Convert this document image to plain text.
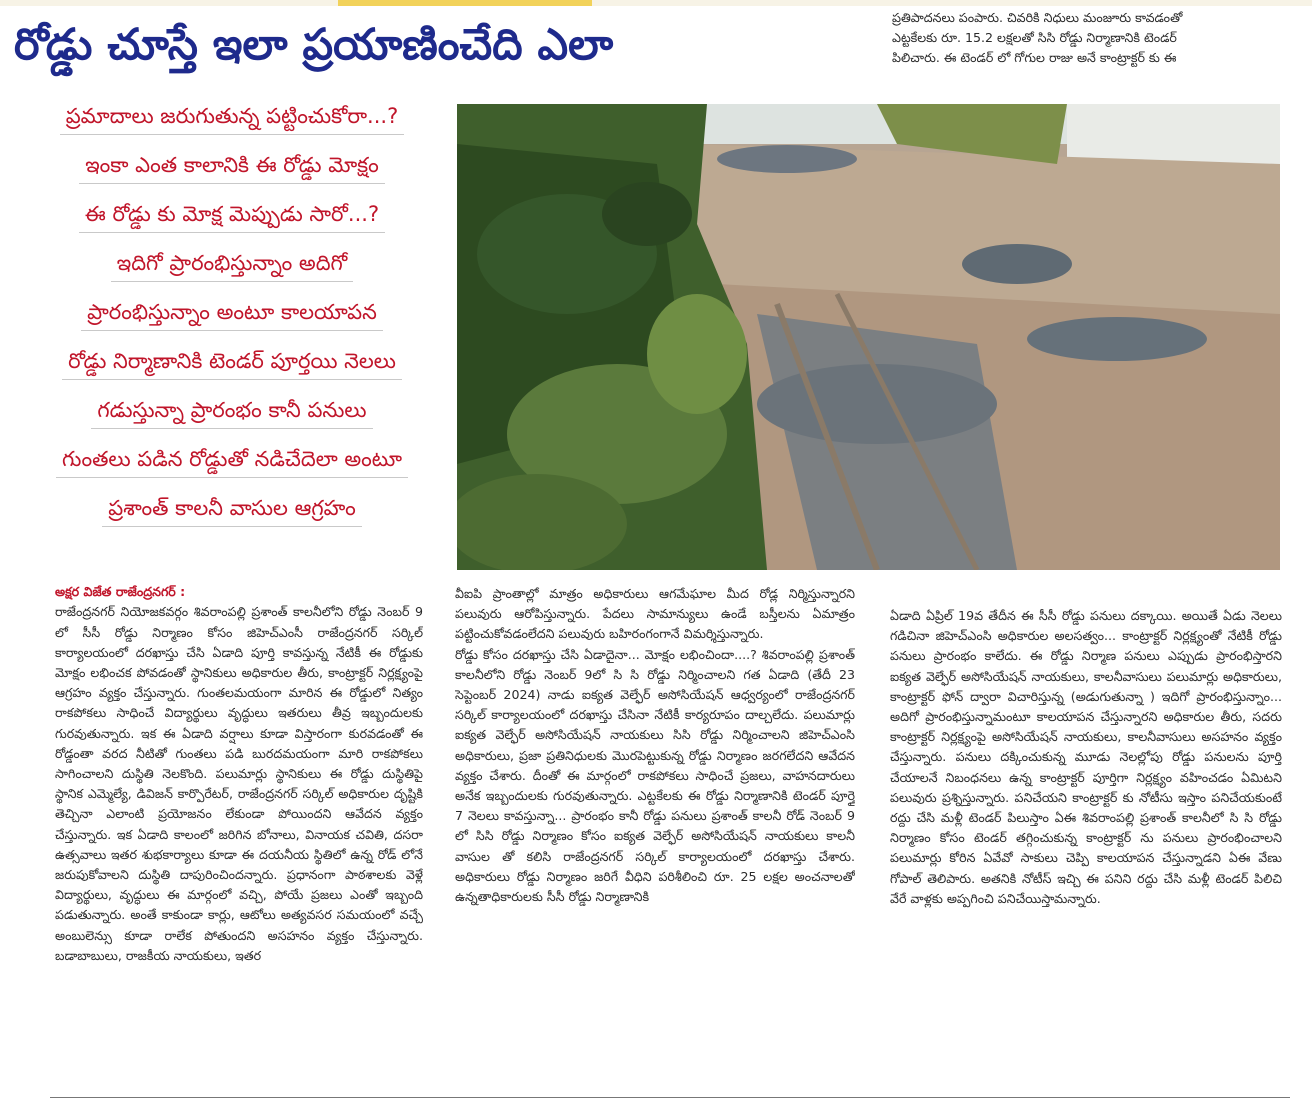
రోడ్డు చూస్తే ఇలా ప్రయాణించేది ఎలా
ప్రతిపాదనలు పంపారు. చివరికి నిధులు మంజూరు కావడంతో
ఎట్టకేలకు రూ. 15.2 లక్షలతో సిసి రోడ్డు నిర్మాణానికి టెండర్
పిలిచారు. ఈ టెండర్ లో గోగుల రాజు అనే కాంట్రాక్టర్ కు ఈ
ప్రమాదాలు జరుగుతున్న పట్టించుకోరా...?
ఇంకా ఎంత కాలానికి ఈ రోడ్డు మోక్షం
ఈ రోడ్డు కు మోక్ష మెప్పుడు సారో...?
ఇదిగో ప్రారంభిస్తున్నాం అదిగో
ప్రారంభిస్తున్నాం అంటూ కాలయాపన
రోడ్డు నిర్మాణానికి టెండర్ పూర్తయి నెలలు
గడుస్తున్నా ప్రారంభం కానీ పనులు
గుంతలు పడిన రోడ్డుతో నడిచేదెలా అంటూ
ప్రశాంత్ కాలనీ వాసుల ఆగ్రహం

అక్షర విజేత రాజేంద్రనగర్ :
రాజేంద్రనగర్ నియోజకవర్గం శివరాంపల్లి ప్రశాంత్ కాలనీలోని రోడ్డు నెంబర్ 9 లో సీసీ రోడ్డు నిర్మాణం కోసం జిహెచ్ఎంసీ రాజేంద్రనగర్ సర్కిల్ కార్యాలయంలో దరఖాస్తు చేసి ఏడాది పూర్తి కావస్తున్న నేటికీ ఈ రోడ్డుకు మోక్షం లభించక పోవడంతో స్థానికులు అధికారుల తీరు, కాంట్రాక్టర్ నిర్లక్ష్యంపై ఆగ్రహం వ్యక్తం చేస్తున్నారు. గుంతలమయంగా మారిన ఈ రోడ్డులో నిత్యం రాకపోకలు సాధించే విద్యార్థులు వృద్ధులు ఇతరులు తీవ్ర ఇబ్బందులకు గురవుతున్నారు. ఇక ఈ ఏడాది వర్షాలు కూడా విస్తారంగా కురవడంతో ఈ రోడ్డంతా వరద నీటితో గుంతలు పడి బురదమయంగా మారి రాకపోకలు సాగించాలని దుస్థితి నెలకొంది. పలుమార్లు స్థానికులు ఈ రోడ్డు దుస్థితిపై స్థానిక ఎమ్మెల్యే, డివిజన్ కార్పొరేటర్, రాజేంద్రనగర్ సర్కిల్ అధికారుల దృష్టికి తెచ్చినా ఎలాంటి ప్రయోజనం లేకుండా పోయిందని ఆవేదన వ్యక్తం చేస్తున్నారు. ఇక ఏడాది కాలంలో జరిగిన బోనాలు, వినాయక చవితి, దసరా ఉత్సవాలు ఇతర శుభకార్యాలు కూడా ఈ దయనీయ స్థితిలో ఉన్న రోడ్ లోనే జరుపుకోవాలని దుస్థితి దాపురించిందన్నారు. ప్రధానంగా పాఠశాలకు వెళ్లే విద్యార్థులు, వృద్ధులు ఈ మార్గంలో వచ్చి, పోయే ప్రజలు ఎంతో ఇబ్బంది పడుతున్నారు. అంతే కాకుండా కార్లు, ఆటోలు అత్యవసర సమయంలో వచ్చే అంబులెన్సు కూడా రాలేక పోతుందని అసహనం వ్యక్తం చేస్తున్నారు. బడాబాబులు, రాజకీయ నాయకులు, ఇతర

వీఐపి ప్రాంతాల్లో మాత్రం అధికారులు ఆగమేఘాల మీద రోడ్ల నిర్మిస్తున్నారని పలువురు ఆరోపిస్తున్నారు. పేదలు సామాన్యులు ఉండే బస్తీలను ఏమాత్రం పట్టించుకోవడంలేదని పలువురు బహిరంగంగానే విమర్శిస్తున్నారు.
రోడ్డు కోసం దరఖాస్తు చేసి ఏడాదైనా... మోక్షం లభించిందా....? శివరాంపల్లి ప్రశాంత్ కాలనీలోని రోడ్డు నెంబర్ 9లో సి సి రోడ్డు నిర్మించాలని గత ఏడాది (తేదీ 23 సెప్టెంబర్ 2024) నాడు ఐక్యత వెల్ఫేర్ అసోసియేషన్ ఆధ్వర్యంలో రాజేంద్రనగర్ సర్కిల్ కార్యాలయంలో దరఖాస్తు చేసినా నేటికీ కార్యరూపం దాల్చలేదు. పలుమార్లు ఐక్యత వెల్ఫేర్ అసోసియేషన్ నాయకులు సిసి రోడ్డు నిర్మించాలని జిహెచ్ఎంసి అధికారులు, ప్రజా ప్రతినిధులకు మొరపెట్టుకున్న రోడ్డు నిర్మాణం జరగలేదని ఆవేదన వ్యక్తం చేశారు. దీంతో ఈ మార్గంలో రాకపోకలు సాధించే ప్రజలు, వాహనదారులు అనేక ఇబ్బందులకు గురవుతున్నారు. ఎట్టకేలకు ఈ రోడ్డు నిర్మాణానికి టెండర్ పూర్తై 7 నెలలు కావస్తున్నా... ప్రారంభం కానీ రోడ్డు పనులు ప్రశాంత్ కాలనీ రోడ్ నెంబర్ 9 లో సిసి రోడ్డు నిర్మాణం కోసం ఐక్యత వెల్ఫేర్ అసోసియేషన్ నాయకులు కాలనీ వాసుల తో కలిసి రాజేంద్రనగర్ సర్కిల్ కార్యాలయంలో దరఖాస్తు చేశారు. అధికారులు రోడ్డు నిర్మాణం జరిగే వీధిని పరిశీలించి రూ. 25 లక్షల అంచనాలతో ఉన్నతాధికారులకు సీసీ రోడ్డు నిర్మాణానికి
ఏడాది ఏప్రిల్ 19వ తేదీన ఈ సీసీ రోడ్డు పనులు దక్కాయి. అయితే ఏడు నెలలు గడిచినా జిహెచ్ఎంసి అధికారుల అలసత్వం... కాంట్రాక్టర్ నిర్లక్ష్యంతో నేటికీ రోడ్డు పనులు ప్రారంభం కాలేదు. ఈ రోడ్డు నిర్మాణ పనులు ఎప్పుడు ప్రారంభిస్తారని ఐక్యత వెల్ఫేర్ అసోసియేషన్ నాయకులు, కాలనీవాసులు పలుమార్లు అధికారులు, కాంట్రాక్టర్ ఫోన్ ద్వారా విచారిస్తున్న (అడుగుతున్నా ) ఇదిగో ప్రారంభిస్తున్నాం... అదిగో ప్రారంభిస్తున్నామంటూ కాలయాపన చేస్తున్నారని అధికారుల తీరు, సదరు కాంట్రాక్టర్ నిర్లక్ష్యంపై అసోసియేషన్ నాయకులు, కాలనీవాసులు అసహనం వ్యక్తం చేస్తున్నారు. పనులు దక్కించుకున్న మూడు నెలల్లోపు రోడ్డు పనులను పూర్తి చేయాలనే నిబంధనలు ఉన్న కాంట్రాక్టర్ పూర్తిగా నిర్లక్ష్యం వహించడం ఏమిటని పలువురు ప్రశ్నిస్తున్నారు. పనిచేయని కాంట్రాక్టర్ కు నోటీసు ఇస్తాం పనిచేయకుంటే రద్దు చేసి మళ్లీ టెండర్ పిలుస్తాం ఏఈ శివరాంపల్లి ప్రశాంత్ కాలనీలో సి సి రోడ్డు నిర్మాణం కోసం టెండర్ తగ్గించుకున్న కాంట్రాక్టర్ ను పనులు ప్రారంభించాలని పలుమార్లు కోరిన ఏవేవో సాకులు చెప్పి కాలయాపన చేస్తున్నాడని ఏఈ వేణు గోపాల్ తెలిపారు. అతనికి నోటీస్ ఇచ్చి ఈ పనిని రద్దు చేసి మళ్లీ టెండర్ పిలిచి వేరే వాళ్లకు అప్పగించి పనిచేయిస్తామన్నారు.
